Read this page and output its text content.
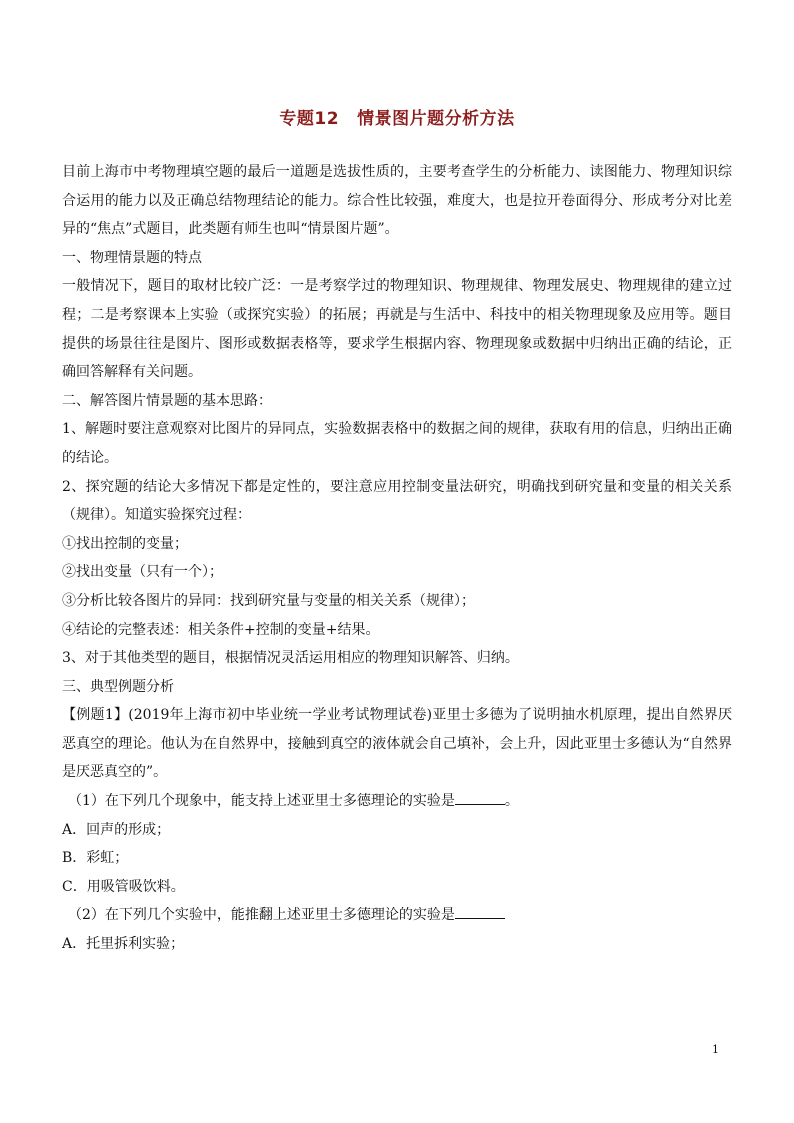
专题12 情景图片题分析方法

目前上海市中考物理填空题的最后一道题是选拔性质的，主要考查学生的分析能力、读图能力、物理知识综合运用的能力以及正确总结物理结论的能力。综合性比较强，难度大，也是拉开卷面得分、形成考分对比差异的“焦点”式题目，此类题有师生也叫“情景图片题”。

一、物理情景题的特点

一般情况下，题目的取材比较广泛：一是考察学过的物理知识、物理规律、物理发展史、物理规律的建立过程；二是考察课本上实验（或探究实验）的拓展；再就是与生活中、科技中的相关物理现象及应用等。题目提供的场景往往是图片、图形或数据表格等，要求学生根据内容、物理现象或数据中归纳出正确的结论，正确回答解释有关问题。

二、解答图片情景题的基本思路：

1、解题时要注意观察对比图片的异同点，实验数据表格中的数据之间的规律，获取有用的信息，归纳出正确的结论。

2、探究题的结论大多情况下都是定性的，要注意应用控制变量法研究，明确找到研究量和变量的相关关系（规律）。知道实验探究过程：

①找出控制的变量；

②找出变量（只有一个）；

③分析比较各图片的异同：找到研究量与变量的相关关系（规律）；

④结论的完整表述：相关条件+控制的变量+结果。

3、对于其他类型的题目，根据情况灵活运用相应的物理知识解答、归纳。

三、典型例题分析

【例题1】(2019年上海市初中毕业统一学业考试物理试卷)亚里士多德为了说明抽水机原理，提出自然界厌恶真空的理论。他认为在自然界中，接触到真空的液体就会自己填补，会上升，因此亚里士多德认为“自然界是厌恶真空的”。

（1）在下列几个现象中，能支持上述亚里士多德理论的实验是	。

A．回声的形成；

B．彩虹；

C．用吸管吸饮料。

（2）在下列几个实验中，能推翻上述亚里士多德理论的实验是

A．托里拆利实验；

1
